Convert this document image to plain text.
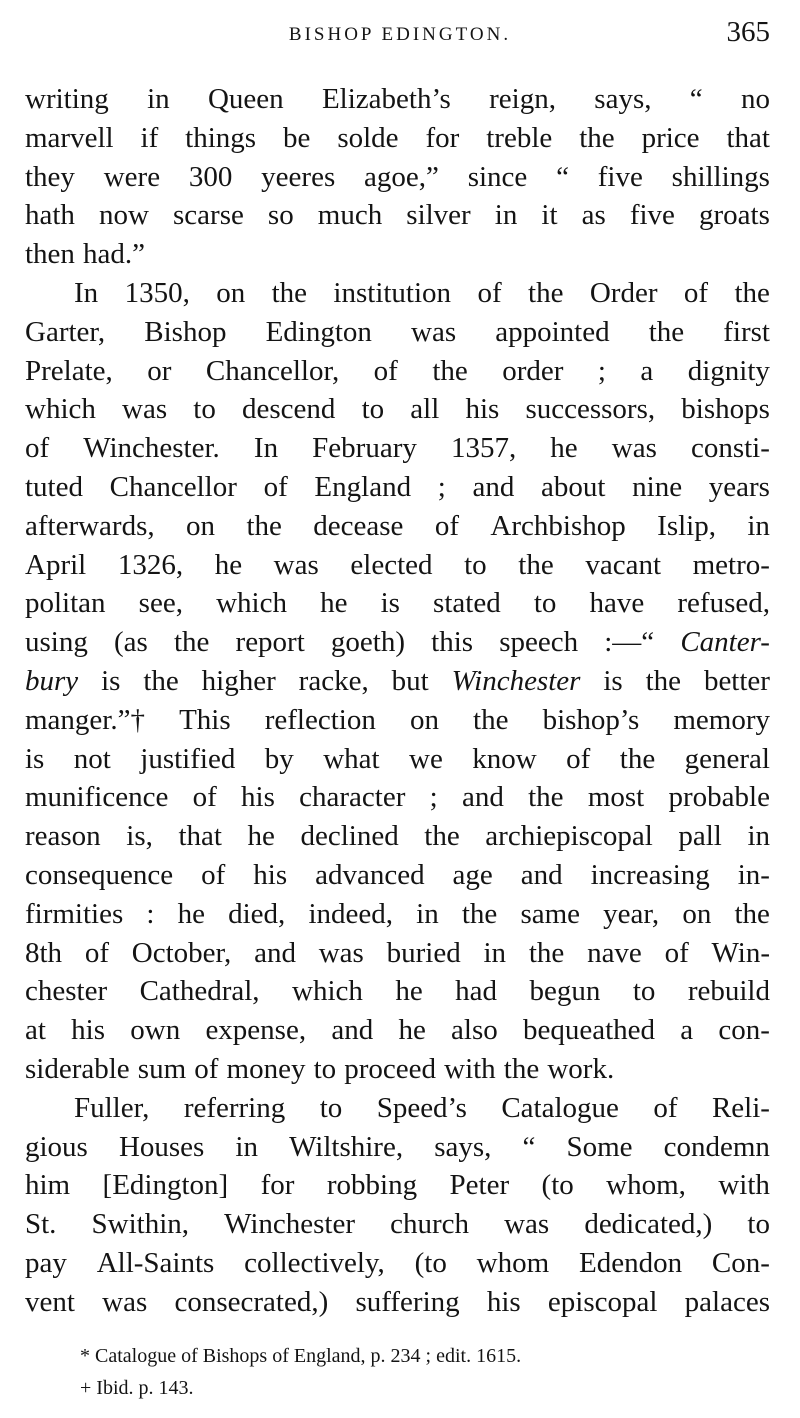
BISHOP EDINGTON.	365
writing in Queen Elizabeth’s reign, says, “ no
marvell if things be solde for treble the price that
they were 300 yeeres agoe,” since “ five shillings
hath now scarse so much silver in it as five groats
then had.”
In 1350, on the institution of the Order of the
Garter, Bishop Edington was appointed the first
Prelate, or Chancellor, of the order ; a dignity
which was to descend to all his successors, bishops
of Winchester. In February 1357, he was consti-
tuted Chancellor of England ; and about nine years
afterwards, on the decease of Archbishop Islip, in
April 1326, he was elected to the vacant metro-
politan see, which he is stated to have refused,
using (as the report goeth) this speech :—“ Canter-
bury is the higher racke, but Winchester is the better
manger.”† This reflection on the bishop’s memory
is not justified by what we know of the general
munificence of his character ; and the most probable
reason is, that he declined the archiepiscopal pall in
consequence of his advanced age and increasing in-
firmities : he died, indeed, in the same year, on the
8th of October, and was buried in the nave of Win-
chester Cathedral, which he had begun to rebuild
at his own expense, and he also bequeathed a con-
siderable sum of money to proceed with the work.
Fuller, referring to Speed’s Catalogue of Reli-
gious Houses in Wiltshire, says, “ Some condemn
him [Edington] for robbing Peter (to whom, with
St. Swithin, Winchester church was dedicated,) to
pay All-Saints collectively, (to whom Edendon Con-
vent was consecrated,) suffering his episcopal palaces
* Catalogue of Bishops of England, p. 234 ; edit. 1615.
+ Ibid. p. 143.
